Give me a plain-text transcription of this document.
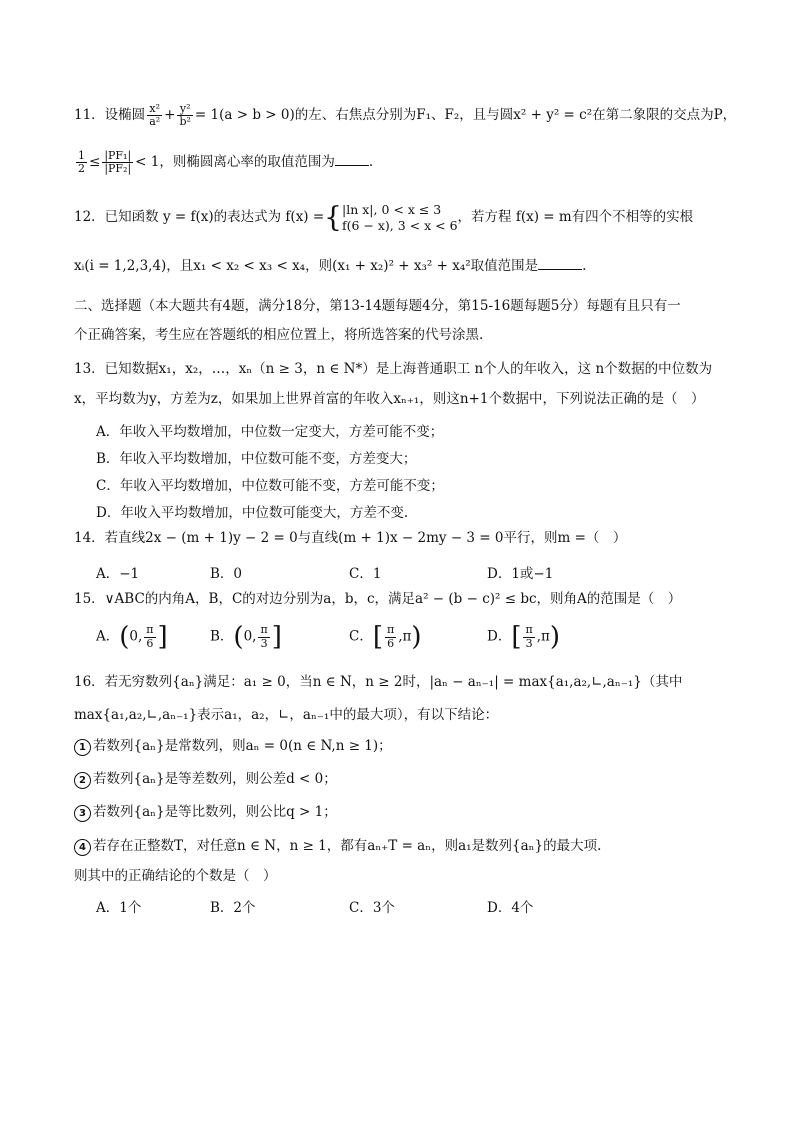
11．设椭圆 $\frac{\text{x²}}{\text{a²}} + \frac{\text{y²}}{\text{b²}} = 1(a > b > 0)$的左、右焦点分别为F₁、F₂，且与圆x² + y² = c²在第二象限的交点为P，
$\frac{1}{2} \le \frac{\text{|PF₁|}}{\text{|PF₂|}} < 1$，则椭圆离心率的取值范围为	.
12．已知函数 y = f(x)的表达式为 f(x) ={ |ln x|, 0 < x ≤ 3
f(6 − x), 3 < x < 6 ，若方程 f(x) = m有四个不相等的实根
xᵢ(i = 1,2,3,4)，且x₁ < x₂ < x₃ < x₄，则(x₁ + x₂)² + x₃² + x₄²取值范围是	.
二、选择题（本大题共有4题，满分18分，第13-14题每题4分，第15-16题每题5分）每题有且只有一
个正确答案，考生应在答题纸的相应位置上，将所选答案的代号涂黑.
13．已知数据x₁，x₂，…，xₙ（n ≥ 3，n ∈ N*）是上海普通职工 n个人的年收入，这 n个数据的中位数为
x，平均数为y，方差为z，如果加上世界首富的年收入xₙ₊₁，则这n+1个数据中，下列说法正确的是（　）
A．年收入平均数增加，中位数一定变大，方差可能不变；
B．年收入平均数增加，中位数可能不变，方差变大；
C．年收入平均数增加，中位数可能不变，方差可能不变；
D．年收入平均数增加，中位数可能变大，方差不变.
14．若直线2x − (m + 1)y − 2 = 0与直线(m + 1)x − 2my − 3 = 0平行，则m =（　）
A．−1	B．0	C．1	D．1或−1
15．∨ABC的内角A，B，C的对边分别为a，b，c，满足a² − (b − c)² ≤ bc，则角A的范围是（　）
A．(0, $\frac{\pi}{6}$ ]	B．(0, $\frac{\pi}{3}$ ]	C．[ $\frac{\pi}{6} ,\pi$)	D．[ $\frac{\pi}{3} ,\pi$)
16．若无穷数列{aₙ}满足：a₁ ≥ 0，当n ∈ N，n ≥ 2时，|aₙ − aₙ₋₁| = max{a₁,a₂,∟,aₙ₋₁}（其中
max{a₁,a₂,∟,aₙ₋₁}表示a₁，a₂，∟，aₙ₋₁中的最大项），有以下结论：
1 若数列{aₙ}是常数列，则aₙ = 0(n ∈ N,n ≥ 1)；
2 若数列{aₙ}是等差数列，则公差d < 0；
3 若数列{aₙ}是等比数列，则公比q > 1；
4 若存在正整数T，对任意n ∈ N，n ≥ 1，都有aₙ₊T = aₙ，则a₁是数列{aₙ}的最大项.
则其中的正确结论的个数是（　）
A．1个	B．2个	C．3个	D．4个
